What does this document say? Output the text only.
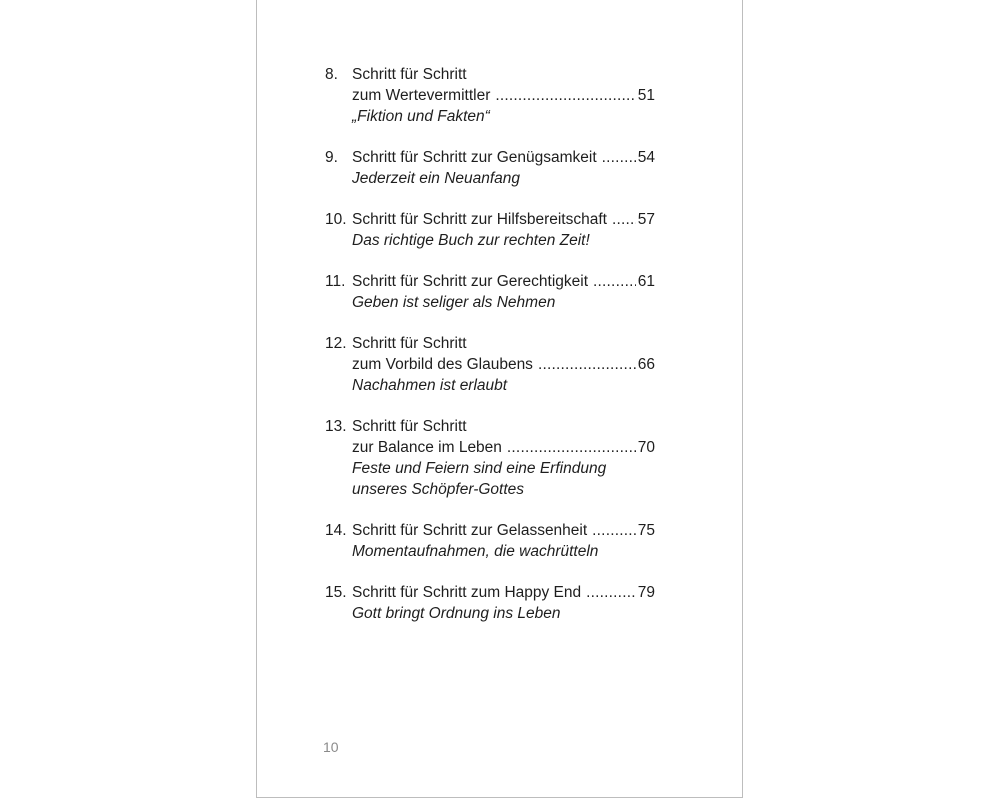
8. Schritt für Schritt
zum Wertevermittler .....	51
„Fiktion und Fakten“
9. Schritt für Schritt zur Genügsamkeit .....	54
Jederzeit ein Neuanfang
10. Schritt für Schritt zur Hilfsbereitschaft ..... 57
Das richtige Buch zur rechten Zeit!
11. Schritt für Schritt zur Gerechtigkeit .....	61
Geben ist seliger als Nehmen
12. Schritt für Schritt
zum Vorbild des Glaubens .....	66
Nachahmen ist erlaubt
13. Schritt für Schritt
zur Balance im Leben .....	70
Feste und Feiern sind eine Erfindung
unseres Schöpfer-Gottes
14. Schritt für Schritt zur Gelassenheit .....	75
Momentaufnahmen, die wachrütteln
15. Schritt für Schritt zum Happy End .....	79
Gott bringt Ordnung ins Leben
10
